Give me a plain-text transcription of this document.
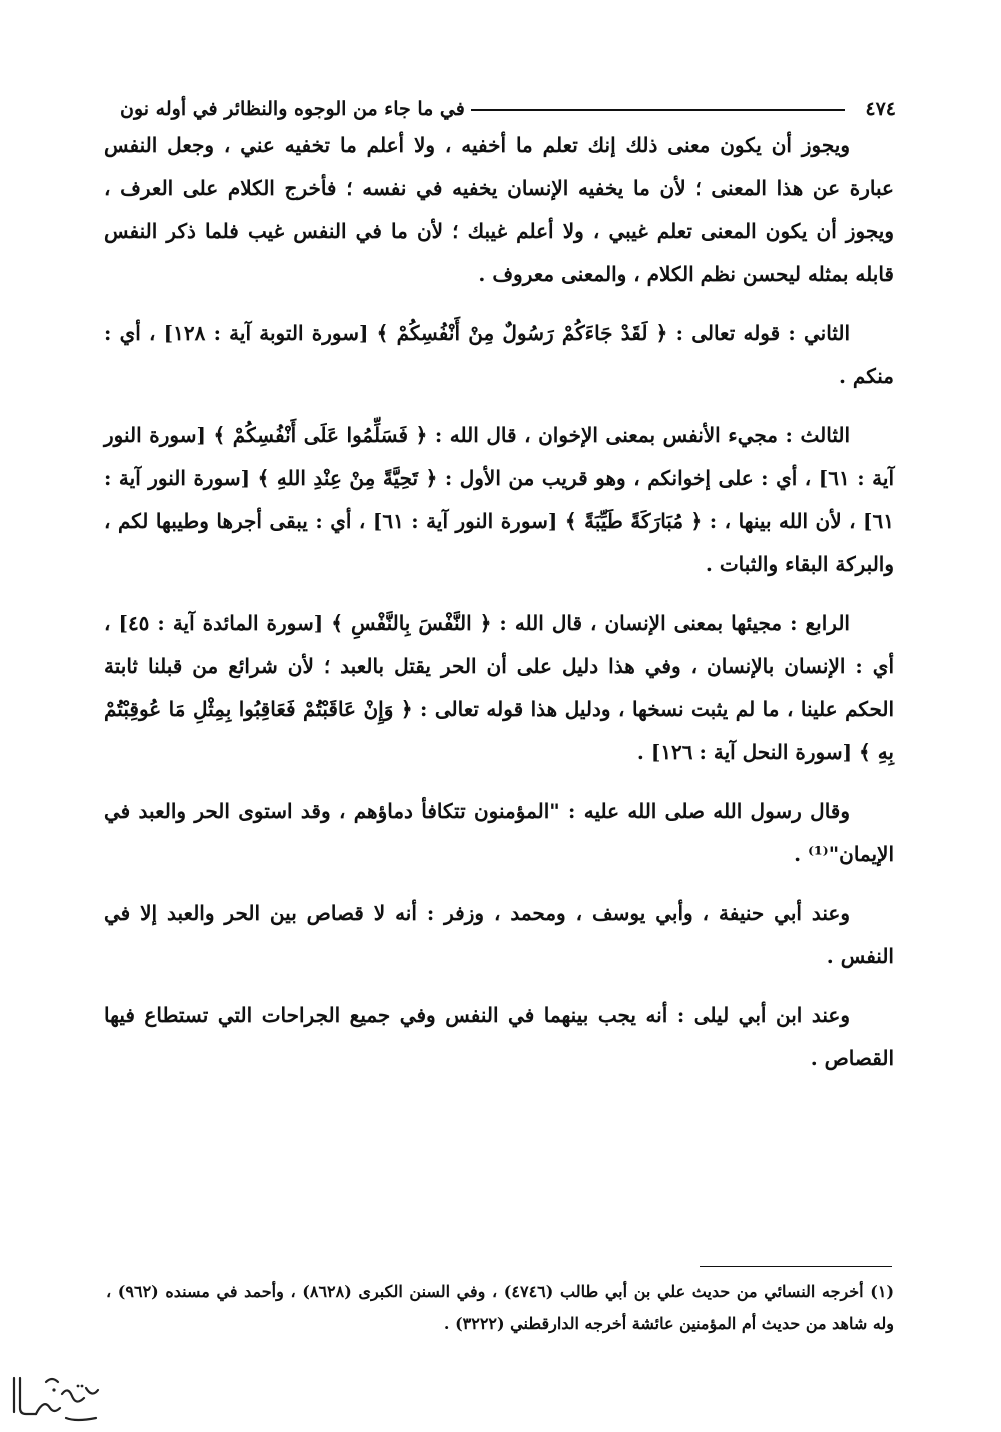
٤٧٤
في ما جاء من الوجوه والنظائر في أوله نون

ويجوز أن يكون معنى ذلك إنك تعلم ما أخفيه ، ولا أعلم ما تخفيه عني ، وجعل النفس عبارة عن هذا المعنى ؛ لأن ما يخفيه الإنسان يخفيه في نفسه ؛ فأخرج الكلام على العرف ، ويجوز أن يكون المعنى تعلم غيبي ، ولا أعلم غيبك ؛ لأن ما في النفس غيب فلما ذكر النفس قابله بمثله ليحسن نظم الكلام ، والمعنى معروف .

الثاني : قوله تعالى : ﴿ لَقَدْ جَاءَكُمْ رَسُولٌ مِنْ أَنْفُسِكُمْ ﴾ [سورة التوبة آية : ١٢٨] ، أي : منكم .

الثالث : مجيء الأنفس بمعنى الإخوان ، قال الله : ﴿ فَسَلِّمُوا عَلَى أَنْفُسِكُمْ ﴾ [سورة النور آية : ٦١] ، أي : على إخوانكم ، وهو قريب من الأول : ﴿ تَحِيَّةً مِنْ عِنْدِ اللهِ ﴾ [سورة النور آية : ٦١] ، لأن الله بينها ، : ﴿ مُبَارَكَةً طَيِّبَةً ﴾ [سورة النور آية : ٦١] ، أي : يبقى أجرها وطيبها لكم ، والبركة البقاء والثبات .

الرابع : مجيئها بمعنى الإنسان ، قال الله : ﴿ النَّفْسَ بِالنَّفْسِ ﴾ [سورة المائدة آية : ٤٥] ، أي : الإنسان بالإنسان ، وفي هذا دليل على أن الحر يقتل بالعبد ؛ لأن شرائع من قبلنا ثابتة الحكم علينا ، ما لم يثبت نسخها ، ودليل هذا قوله تعالى : ﴿ وَإِنْ عَاقَبْتُمْ فَعَاقِبُوا بِمِثْلِ مَا عُوقِبْتُمْ بِهِ ﴾ [سورة النحل آية : ١٢٦] .

وقال رسول الله صلى الله عليه : "المؤمنون تتكافأ دماؤهم ، وقد استوى الحر والعبد في الإيمان"⁽¹⁾ .

وعند أبي حنيفة ، وأبي يوسف ، ومحمد ، وزفر : أنه لا قصاص بين الحر والعبد إلا في النفس .

وعند ابن أبي ليلى : أنه يجب بينهما في النفس وفي جميع الجراحات التي تستطاع فيها القصاص .

(١) أخرجه النسائي من حديث علي بن أبي طالب (٤٧٤٦) ، وفي السنن الكبرى (٨٦٢٨) ، وأحمد في مسنده (٩٦٢) ، وله شاهد من حديث أم المؤمنين عائشة أخرجه الدارقطني (٣٢٢٢) .
